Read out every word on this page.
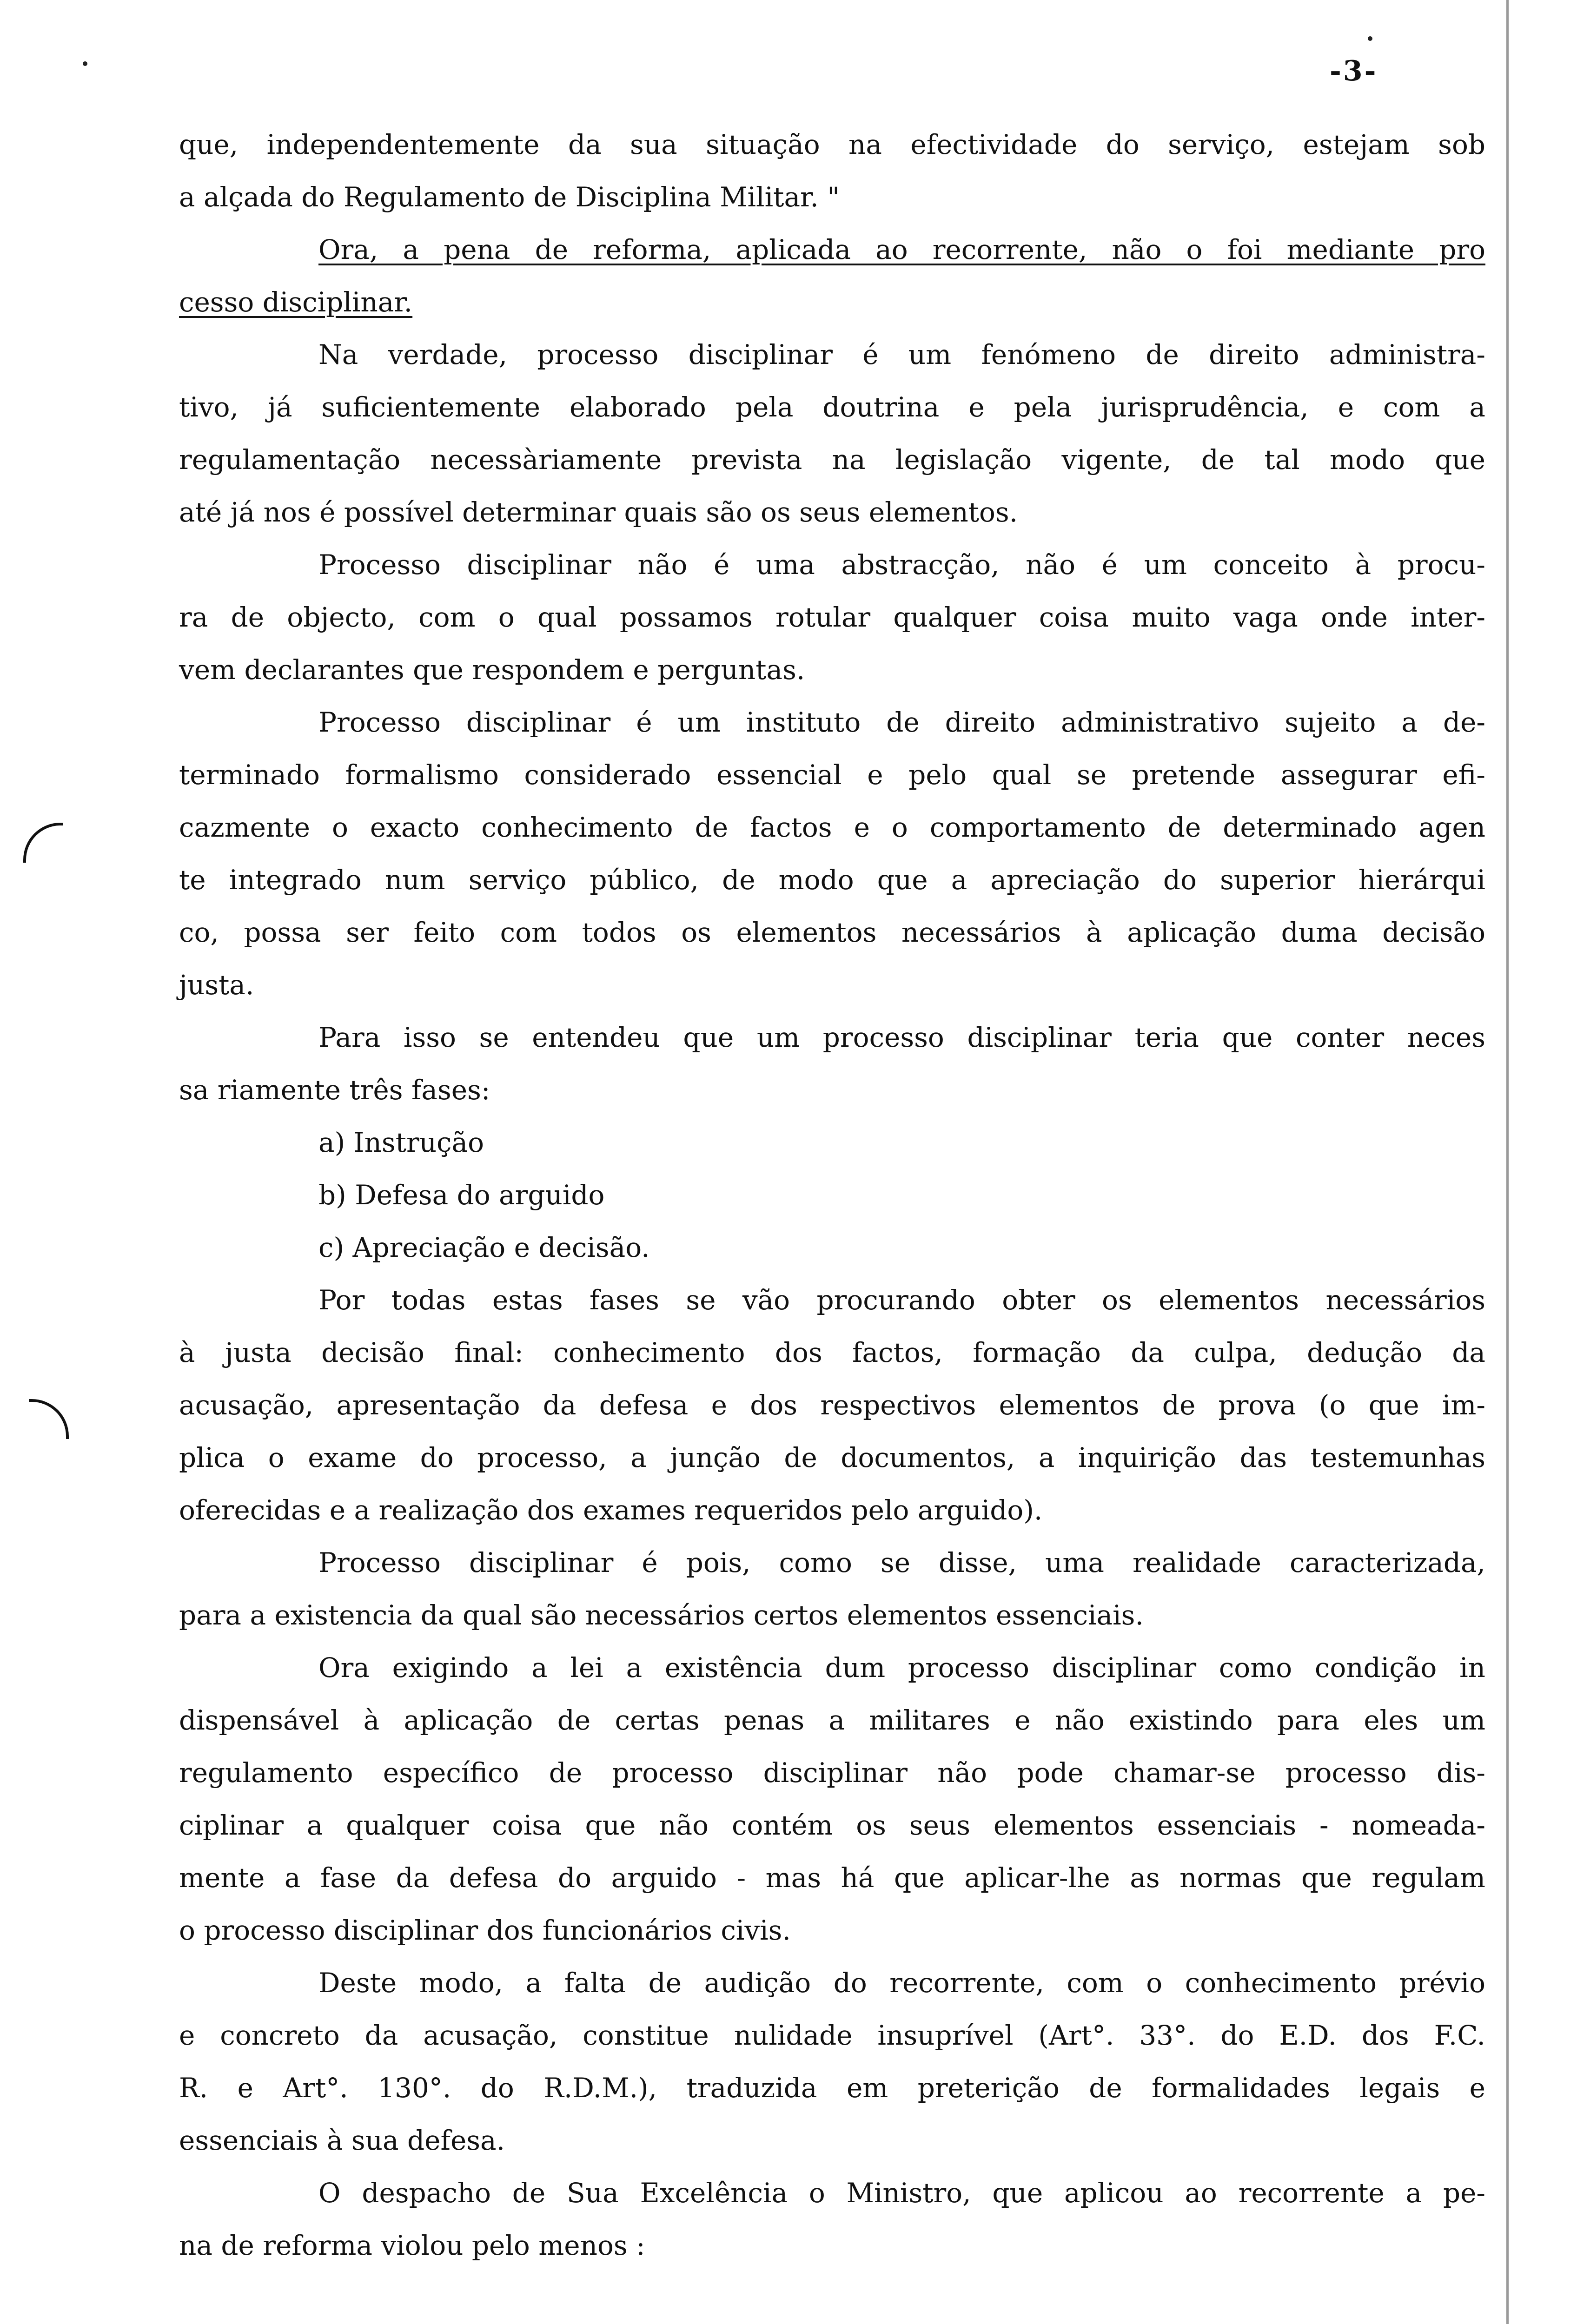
-3-
que, independentemente da sua situação na efectividade do serviço, estejam sob
a alçada do Regulamento de Disciplina Militar. "
Ora, a pena de reforma, aplicada ao recorrente, não o foi mediante pro
cesso disciplinar.
Na verdade, processo disciplinar é um fenómeno de direito administra-
tivo, já suficientemente elaborado pela doutrina e pela jurisprudência, e com a
regulamentação necessàriamente prevista na legislação vigente, de tal modo que
até já nos é possível determinar quais são os seus elementos.
Processo disciplinar não é uma abstracção, não é um conceito à procu-
ra de objecto, com o qual possamos rotular qualquer coisa muito vaga onde inter-
vem declarantes que respondem e perguntas.
Processo disciplinar é um instituto de direito administrativo sujeito a de-
terminado formalismo considerado essencial e pelo qual se pretende assegurar efi-
cazmente o exacto conhecimento de factos e o comportamento de determinado agen
te integrado num serviço público, de modo que a apreciação do superior hierárqui
co, possa ser feito com todos os elementos necessários à aplicação duma decisão
justa.
Para isso se entendeu que um processo disciplinar teria que conter neces
sa riamente três fases:
a) Instrução
b) Defesa do arguido
c) Apreciação e decisão.
Por todas estas fases se vão procurando obter os elementos necessários
à justa decisão final: conhecimento dos factos, formação da culpa, dedução da
acusação, apresentação da defesa e dos respectivos elementos de prova (o que im-
plica o exame do processo, a junção de documentos, a inquirição das testemunhas
oferecidas e a realização dos exames requeridos pelo arguido).
Processo disciplinar é pois, como se disse, uma realidade caracterizada,
para a existencia da qual são necessários certos elementos essenciais.
Ora exigindo a lei a existência dum processo disciplinar como condição in
dispensável à aplicação de certas penas a militares e não existindo para eles um
regulamento específico de processo disciplinar não pode chamar-se processo dis-
ciplinar a qualquer coisa que não contém os seus elementos essenciais - nomeada-
mente a fase da defesa do arguido - mas há que aplicar-lhe as normas que regulam
o processo disciplinar dos funcionários civis.
Deste modo, a falta de audição do recorrente, com o conhecimento prévio
e concreto da acusação, constitue nulidade insuprível (Art°. 33°. do E.D. dos F.C.
R. e Art°. 130°. do R.D.M.), traduzida em preterição de formalidades legais e
essenciais à sua defesa.
O despacho de Sua Excelência o Ministro, que aplicou ao recorrente a pe-
na de reforma violou pelo menos :
